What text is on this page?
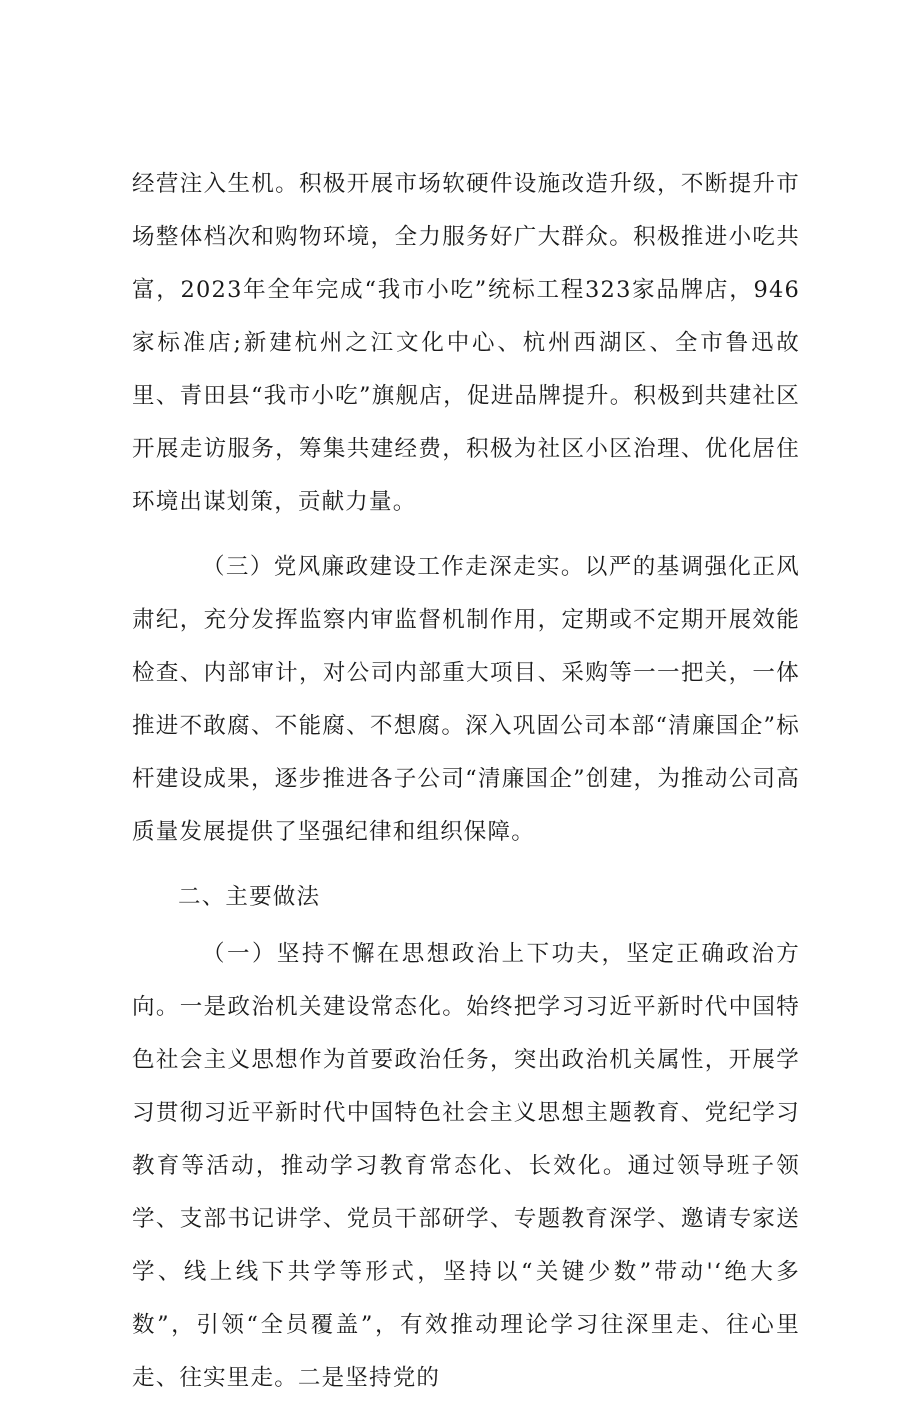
经营注入生机。积极开展市场软硬件设施改造升级，不断提升市场整体档次和购物环境，全力服务好广大群众。积极推进小吃共富，2023年全年完成“我市小吃”统标工程323家品牌店，946家标准店;新建杭州之江文化中心、杭州西湖区、全市鲁迅故里、青田县“我市小吃”旗舰店，促进品牌提升。积极到共建社区开展走访服务，筹集共建经费，积极为社区小区治理、优化居住环境出谋划策，贡献力量。

（三）党风廉政建设工作走深走实。以严的基调强化正风肃纪，充分发挥监察内审监督机制作用，定期或不定期开展效能检查、内部审计，对公司内部重大项目、采购等一一把关，一体推进不敢腐、不能腐、不想腐。深入巩固公司本部“清廉国企”标杆建设成果，逐步推进各子公司“清廉国企”创建，为推动公司高质量发展提供了坚强纪律和组织保障。

二、主要做法

（一）坚持不懈在思想政治上下功夫，坚定正确政治方向。一是政治机关建设常态化。始终把学习习近平新时代中国特色社会主义思想作为首要政治任务，突出政治机关属性，开展学习贯彻习近平新时代中国特色社会主义思想主题教育、党纪学习教育等活动，推动学习教育常态化、长效化。通过领导班子领学、支部书记讲学、党员干部研学、专题教育深学、邀请专家送学、线上线下共学等形式，坚持以“关键少数”带动'‘绝大多数”，引领“全员覆盖”，有效推动理论学习往深里走、往心里走、往实里走。二是坚持党的
